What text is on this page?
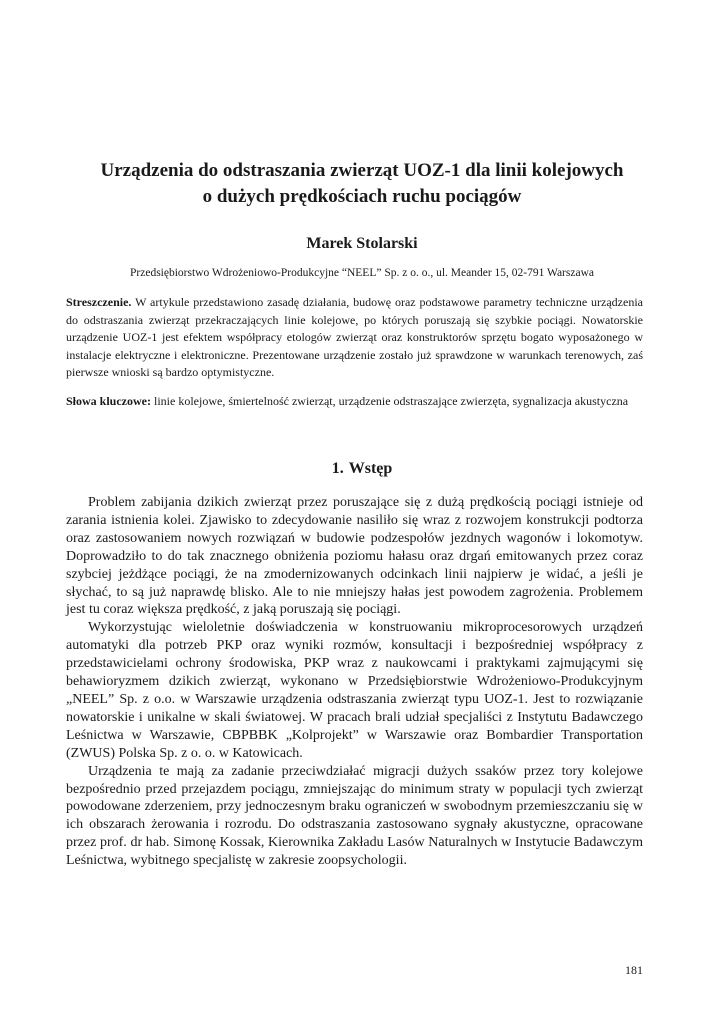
Urządzenia do odstraszania zwierząt UOZ-1 dla linii kolejowych
o dużych prędkościach ruchu pociągów

Marek Stolarski

Przedsiębiorstwo Wdrożeniowo-Produkcyjne “NEEL” Sp. z o. o., ul. Meander 15, 02-791 Warszawa

Streszczenie. W artykule przedstawiono zasadę działania, budowę oraz podstawowe parametry technicznе urządzenia do odstraszania zwierząt przekraczających linie kolejowe, po których poruszają się szybkie pociągi. Nowatorskie urządzenie UOZ-1 jest efektem współpracy etologów zwierząt oraz konstruktorów sprzętu bogato wyposażonego w instalacje elektryczne i elektroniczne. Prezentowane urządzenie zostało już sprawdzone w warunkach terenowych, zaś pierwsze wnioski są bardzo optymistyczne.

Słowa kluczowe: linie kolejowe, śmiertelność zwierząt, urządzenie odstraszające zwierzęta, sygnalizacja akustyczna

1. Wstęp

Problem zabijania dzikich zwierząt przez poruszające się z dużą prędkością pociągi istnieje od zarania istnienia kolei. Zjawisko to zdecydowanie nasiliło się wraz z rozwojem konstrukcji podtorza oraz zastosowaniem nowych rozwiązań w budowie podzespołów jezdnych wagonów i lokomotyw. Doprowadziło to do tak znacznego obniżenia poziomu hałasu oraz drgań emitowanych przez coraz szybciej jeżdżące pociągi, że na zmodernizowanych odcinkach linii najpierw je widać, a jeśli je słychać, to są już naprawdę blisko. Ale to nie mniejszy hałas jest powodem zagrożenia. Problemem jest tu coraz większa prędkość, z jaką poruszają się pociągi.

Wykorzystując wieloletnie doświadczenia w konstruowaniu mikroprocesorowych urządzeń automatyki dla potrzeb PKP oraz wyniki rozmów, konsultacji i bezpośredniej współpracy z przedstawicielami ochrony środowiska, PKP wraz z naukowcami i praktykami zajmującymi się behawioryzmem dzikich zwierząt, wykonano w Przedsiębiorstwie Wdrożeniowo-Produkcyjnym „NEEL” Sp. z o.o. w Warszawie urządzenia odstraszania zwierząt typu UOZ-1. Jest to rozwiązanie nowatorskie i unikalne w skali światowej. W pracach brali udział specjaliści z Instytutu Badawczego Leśnictwa w Warszawie, CBPBBK „Kolprojekt” w Warszawie oraz Bombardier Transportation (ZWUS) Polska Sp. z o. o. w Katowicach.

Urządzenia te mają za zadanie przeciwdziałać migracji dużych ssaków przez tory kolejowe bezpośrednio przed przejazdem pociągu, zmniejszając do minimum straty w populacji tych zwierząt powodowane zderzeniem, przy jednoczesnym braku ograniczeń w swobodnym przemieszczaniu się w ich obszarach żerowania i rozrodu. Do odstraszania zastosowano sygnały akustyczne, opracowane przez prof. dr hab. Simonę Kossak, Kierownika Zakładu Lasów Naturalnych w Instytucie Badawczym Leśnictwa, wybitnego specjalistę w zakresie zoopsychologii.

181
